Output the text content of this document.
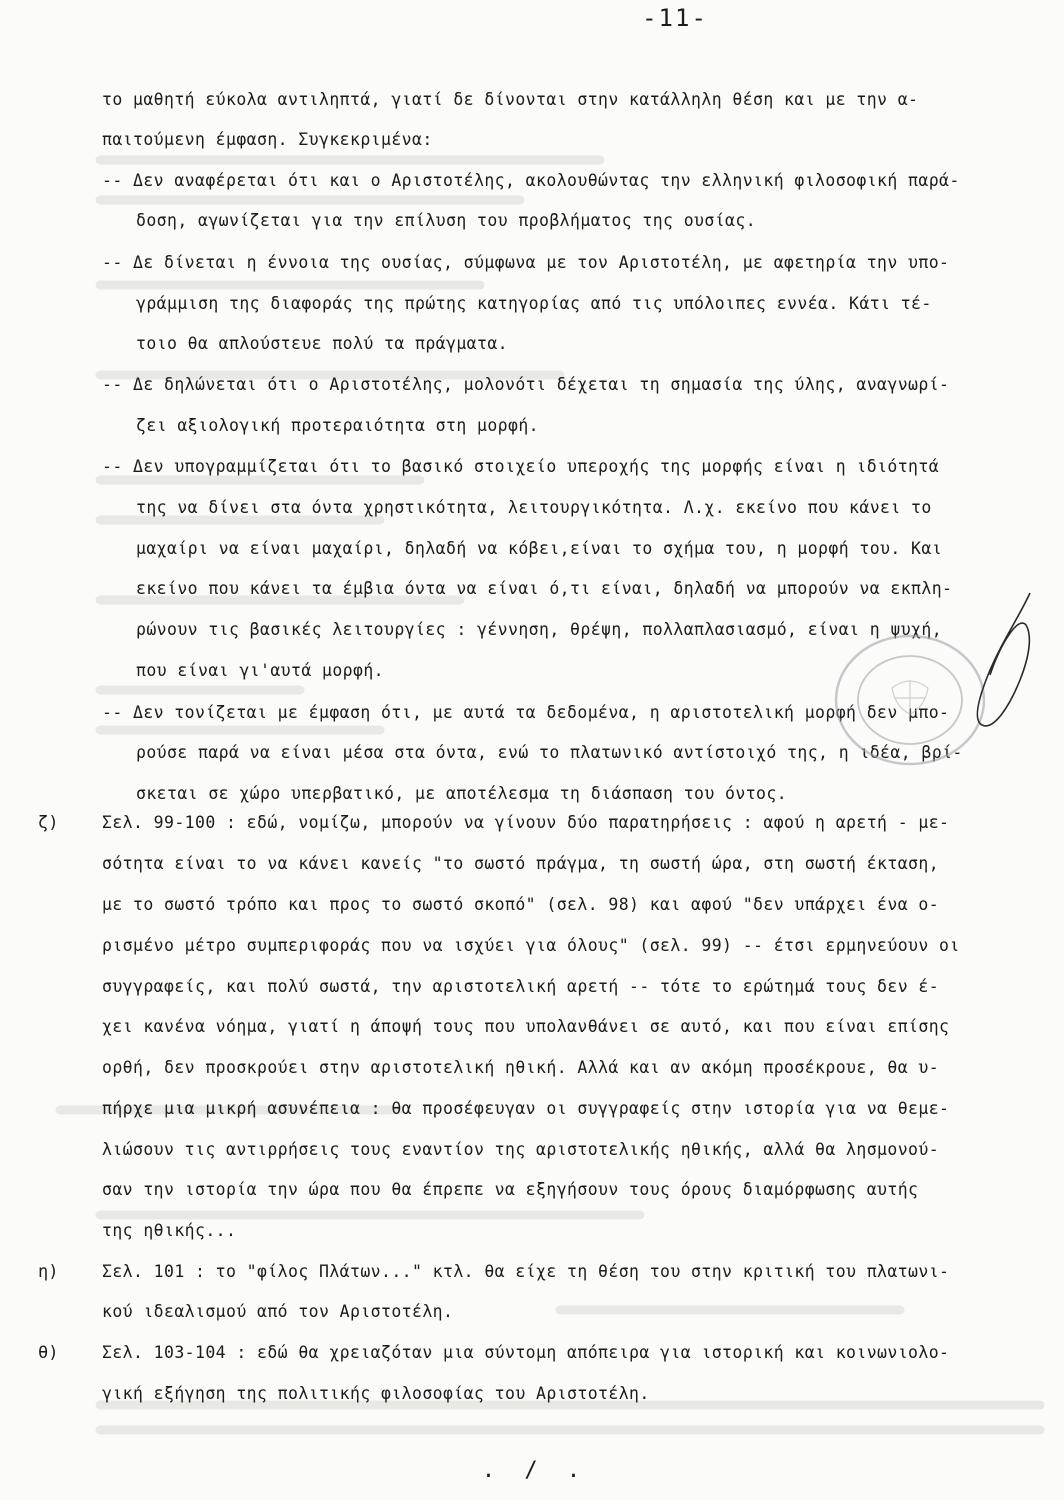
-11-
το μαθητή εύκολα αντιληπτά, γιατί δε δίνονται στην κατάλληλη θέση και με την α-
παιτούμενη έμφαση. Συγκεκριμένα:
-- Δεν αναφέρεται ότι και ο Αριστοτέλης, ακολουθώντας την ελληνική φιλοσοφική παρά-
δοση, αγωνίζεται για την επίλυση του προβλήματος της ουσίας.
-- Δε δίνεται η έννοια της ουσίας, σύμφωνα με τον Αριστοτέλη, με αφετηρία την υπο-
γράμμιση της διαφοράς της πρώτης κατηγορίας από τις υπόλοιπες εννέα. Κάτι τέ-
τοιο θα απλούστευε πολύ τα πράγματα.
-- Δε δηλώνεται ότι ο Αριστοτέλης, μολονότι δέχεται τη σημασία της ύλης, αναγνωρί-
ζει αξιολογική προτεραιότητα στη μορφή.
-- Δεν υπογραμμίζεται ότι το βασικό στοιχείο υπεροχής της μορφής είναι η ιδιότητά
της να δίνει στα όντα χρηστικότητα, λειτουργικότητα. Λ.χ. εκείνο που κάνει το
μαχαίρι να είναι μαχαίρι, δηλαδή να κόβει,είναι το σχήμα του, η μορφή του. Και
εκείνο που κάνει τα έμβια όντα να είναι ό,τι είναι, δηλαδή να μπορούν να εκπλη-
ρώνουν τις βασικές λειτουργίες : γέννηση, θρέψη, πολλαπλασιασμό, είναι η ψυχή,
που είναι γι'αυτά μορφή.
-- Δεν τονίζεται με έμφαση ότι, με αυτά τα δεδομένα, η αριστοτελική μορφή δεν μπο-
ρούσε παρά να είναι μέσα στα όντα, ενώ το πλατωνικό αντίστοιχό της, η ιδέα, βρί-
σκεται σε χώρο υπερβατικό, με αποτέλεσμα τη διάσπαση του όντος.
ζ)	Σελ. 99-100 : εδώ, νομίζω, μπορούν να γίνουν δύο παρατηρήσεις : αφού η αρετή - με-
σότητα είναι το να κάνει κανείς "το σωστό πράγμα, τη σωστή ώρα, στη σωστή έκταση,
με το σωστό τρόπο και προς το σωστό σκοπό" (σελ. 98) και αφού "δεν υπάρχει ένα ο-
ρισμένο μέτρο συμπεριφοράς που να ισχύει για όλους" (σελ. 99) -- έτσι ερμηνεύουν οι
συγγραφείς, και πολύ σωστά, την αριστοτελική αρετή -- τότε το ερώτημά τους δεν έ-
χει κανένα νόημα, γιατί η άποψή τους που υπολανθάνει σε αυτό, και που είναι επίσης
ορθή, δεν προσκρούει στην αριστοτελική ηθική. Αλλά και αν ακόμη προσέκρουε, θα υ-
πήρχε μια μικρή ασυνέπεια : θα προσέφευγαν οι συγγραφείς στην ιστορία για να θεμε-
λιώσουν τις αντιρρήσεις τους εναντίον της αριστοτελικής ηθικής, αλλά θα λησμονού-
σαν την ιστορία την ώρα που θα έπρεπε να εξηγήσουν τους όρους διαμόρφωσης αυτής
της ηθικής...
η)	Σελ. 101 : το "φίλος Πλάτων..." κτλ. θα είχε τη θέση του στην κριτική του πλατωνι-
κού ιδεαλισμού από τον Αριστοτέλη.
θ)	Σελ. 103-104 : εδώ θα χρειαζόταν μια σύντομη απόπειρα για ιστορική και κοινωνιολο-
γική εξήγηση της πολιτικής φιλοσοφίας του Αριστοτέλη.
. / .
